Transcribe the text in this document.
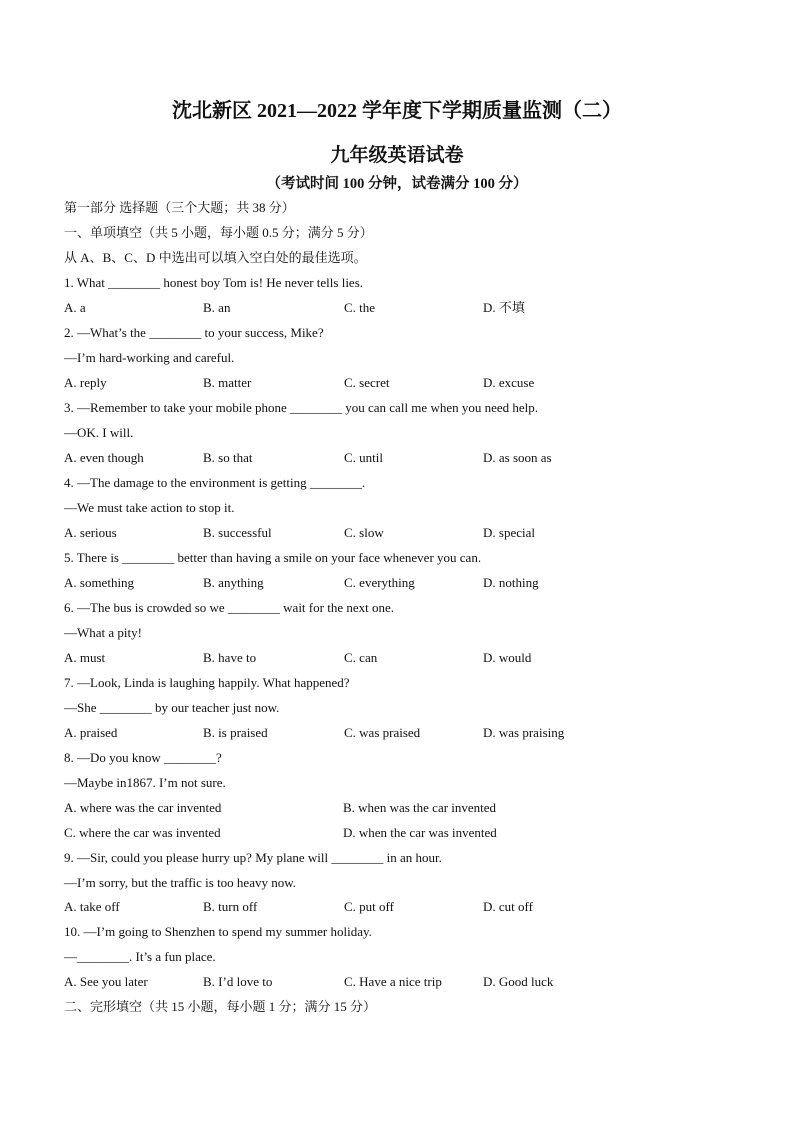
沈北新区 2021—2022 学年度下学期质量监测（二）
九年级英语试卷
（考试时间 100 分钟，试卷满分 100 分）
第一部分 选择题（三个大题；共 38 分）
一、单项填空（共 5 小题，每小题 0.5 分；满分 5 分）
从 A、B、C、D 中选出可以填入空白处的最佳选项。
1. What ________ honest boy Tom is! He never tells lies.
A. a	B. an	C. the	D. 不填
2. —What’s the ________ to your success, Mike?
—I’m hard-working and careful.
A. reply	B. matter	C. secret	D. excuse
3. —Remember to take your mobile phone ________ you can call me when you need help.
—OK. I will.
A. even though	B. so that	C. until	D. as soon as
4. —The damage to the environment is getting ________.
—We must take action to stop it.
A. serious	B. successful	C. slow	D. special
5. There is ________ better than having a smile on your face whenever you can.
A. something	B. anything	C. everything	D. nothing
6. —The bus is crowded so we ________ wait for the next one.
—What a pity!
A. must	B. have to	C. can	D. would
7. —Look, Linda is laughing happily. What happened?
—She ________ by our teacher just now.
A. praised	B. is praised	C. was praised	D. was praising
8. —Do you know ________?
—Maybe in1867. I’m not sure.
A. where was the car invented	B. when was the car invented
C. where the car was invented	D. when the car was invented
9. —Sir, could you please hurry up? My plane will ________ in an hour.
—I’m sorry, but the traffic is too heavy now.
A. take off	B. turn off	C. put off	D. cut off
10. —I’m going to Shenzhen to spend my summer holiday.
—________. It’s a fun place.
A. See you later	B. I’d love to	C. Have a nice trip	D. Good luck
二、完形填空（共 15 小题，每小题 1 分；满分 15 分）
